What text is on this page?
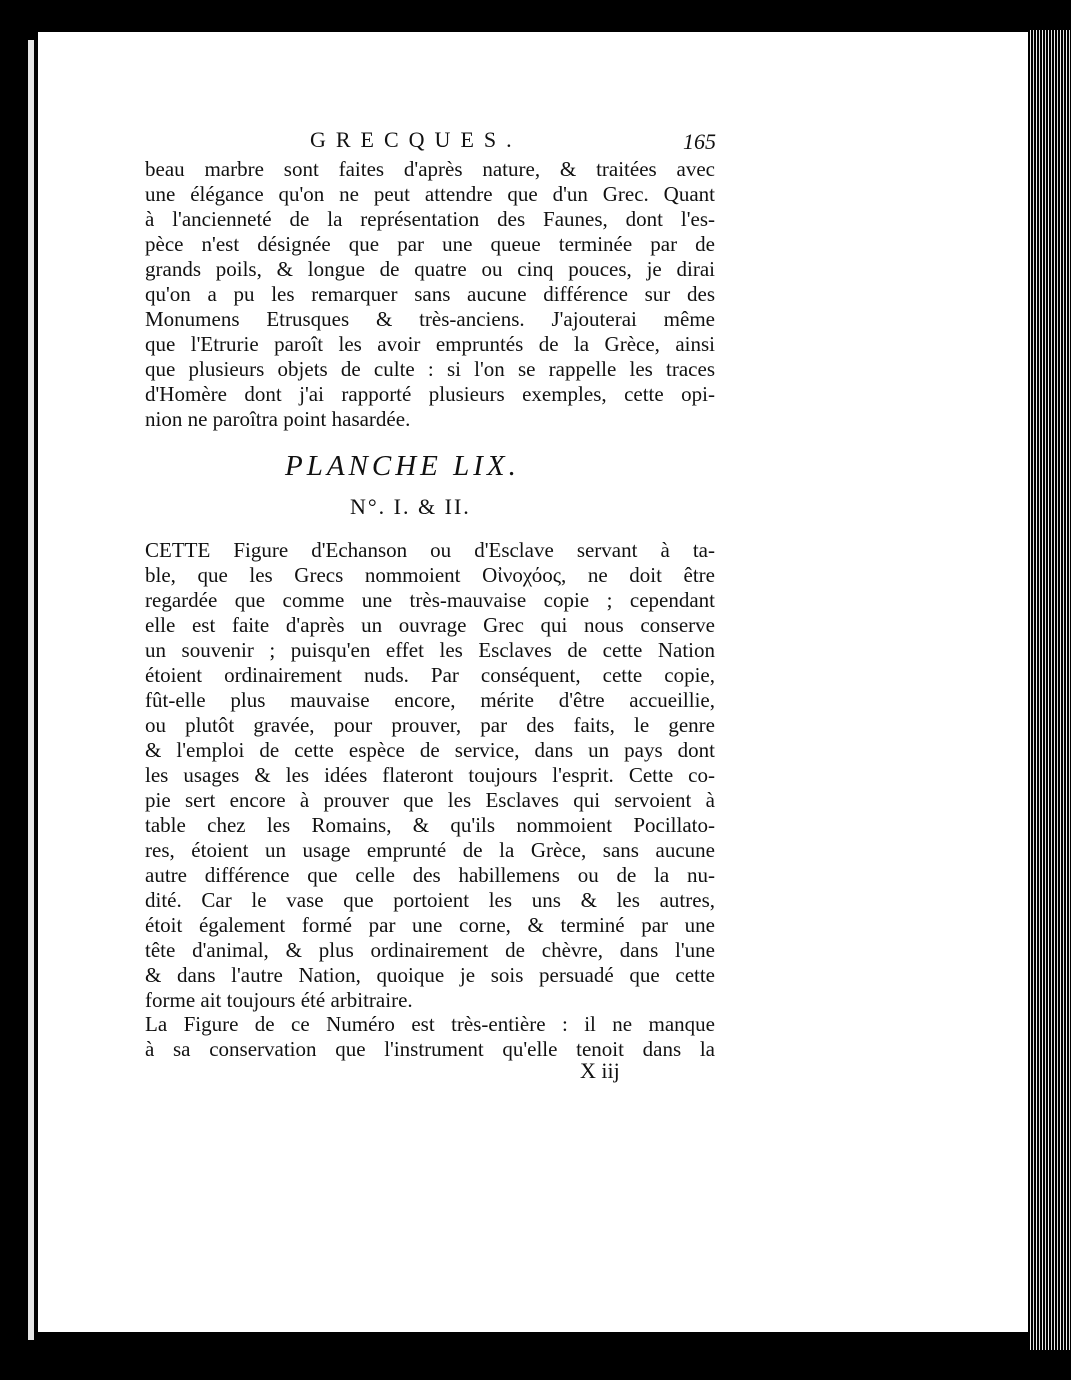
GRECQUES.	165
beau marbre sont faites d'après nature, & traitées avec
une élégance qu'on ne peut attendre que d'un Grec. Quant
à l'ancienneté de la représentation des Faunes, dont l'es-
pèce n'est désignée que par une queue terminée par de
grands poils, & longue de quatre ou cinq pouces, je dirai
qu'on a pu les remarquer sans aucune différence sur des
Monumens Etrusques & très-anciens. J'ajouterai même
que l'Etrurie paroît les avoir empruntés de la Grèce, ainsi
que plusieurs objets de culte : si l'on se rappelle les traces
d'Homère dont j'ai rapporté plusieurs exemples, cette opi-
nion ne paroîtra point hasardée.
PLANCHE LIX.
N°. I. & II.
CETTE Figure d'Echanson ou d'Esclave servant à ta-
ble, que les Grecs nommoient Οἰνοχόος, ne doit être
regardée que comme une très-mauvaise copie ; cependant
elle est faite d'après un ouvrage Grec qui nous conserve
un souvenir ; puisqu'en effet les Esclaves de cette Nation
étoient ordinairement nuds. Par conséquent, cette copie,
fût-elle plus mauvaise encore, mérite d'être accueillie,
ou plutôt gravée, pour prouver, par des faits, le genre
& l'emploi de cette espèce de service, dans un pays dont
les usages & les idées flateront toujours l'esprit. Cette co-
pie sert encore à prouver que les Esclaves qui servoient à
table chez les Romains, & qu'ils nommoient Pocillato-
res, étoient un usage emprunté de la Grèce, sans aucune
autre différence que celle des habillemens ou de la nu-
dité. Car le vase que portoient les uns & les autres,
étoit également formé par une corne, & terminé par une
tête d'animal, & plus ordinairement de chèvre, dans l'une
& dans l'autre Nation, quoique je sois persuadé que cette
forme ait toujours été arbitraire.
La Figure de ce Numéro est très-entière : il ne manque
à sa conservation que l'instrument qu'elle tenoit dans la
X iij
